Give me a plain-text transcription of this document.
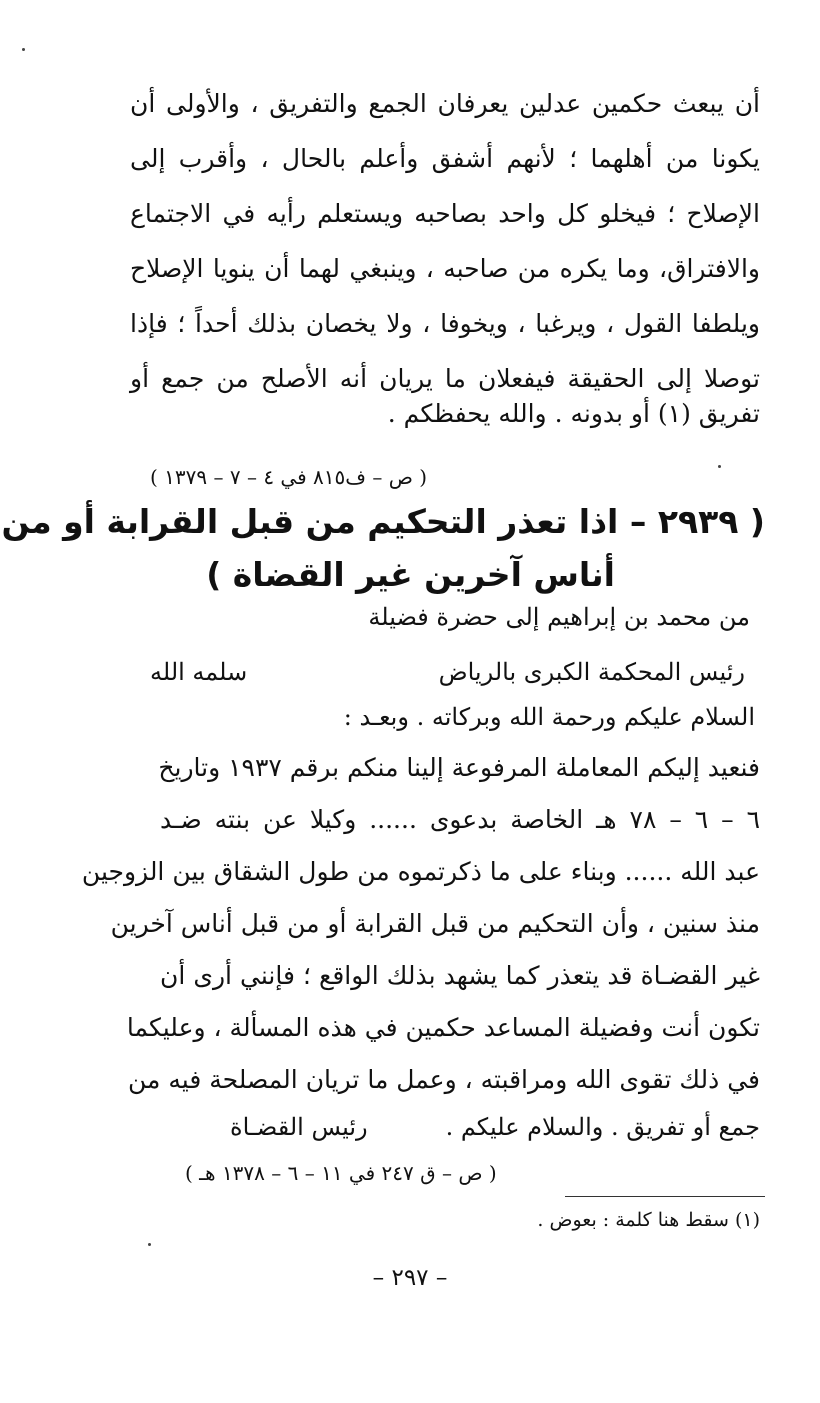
أن يبعث حكمين عدلين يعرفان الجمع والتفريق ، والأولى أن
يكونا من أهلهما ؛ لأنهم أشفق وأعلم بالحال ، وأقرب إلى
الإصلاح ؛ فيخلو كل واحد بصاحبه ويستعلم رأيه في الاجتماع
والافتراق، وما يكره من صاحبه ، وينبغي لهما أن ينويا الإصلاح
ويلطفا القول ، ويرغبا ، ويخوفا ، ولا يخصان بذلك أحداً ؛ فإذا
توصلا إلى الحقيقة فيفعلان ما يريان أنه الأصلح من جمع أو
تفريق (١) أو بدونه . والله يحفظكم .
( ص – ف٨١٥ في ٤ – ٧ – ١٣٧٩ )
( ٢٩٣٩ – اذا تعذر التحكيم من قبل القرابة أو من
أناس آخرين غير القضاة )
من محمد بن إبراهيم إلى حضرة فضيلة
رئيس المحكمة الكبرى بالرياض
سلمه الله
السلام عليكم ورحمة الله وبركاته . وبعـد :
فنعيد إليكم المعاملة المرفوعة إلينا منكم برقم ١٩٣٧ وتاريخ
٦ – ٦ – ٧٨ هـ الخاصة بدعوى ...... وكيلا عن بنته ضـد
عبد الله ...... وبناء على ما ذكرتموه من طول الشقاق بين الزوجين
منذ سنين ، وأن التحكيم من قبل القرابة أو من قبل أناس آخرين
غير القضـاة قد يتعذر كما يشهد بذلك الواقع ؛ فإنني أرى أن
تكون أنت وفضيلة المساعد حكمين في هذه المسألة ، وعليكما
في ذلك تقوى الله ومراقبته ، وعمل ما تريان المصلحة فيه من
جمع أو تفريق . والسلام عليكم .
رئيس القضـاة
( ص – ق ٢٤٧ في ١١ – ٦ – ١٣٧٨ هـ )
(١) سقط هنا كلمة : بعوض .
– ٢٩٧ –
